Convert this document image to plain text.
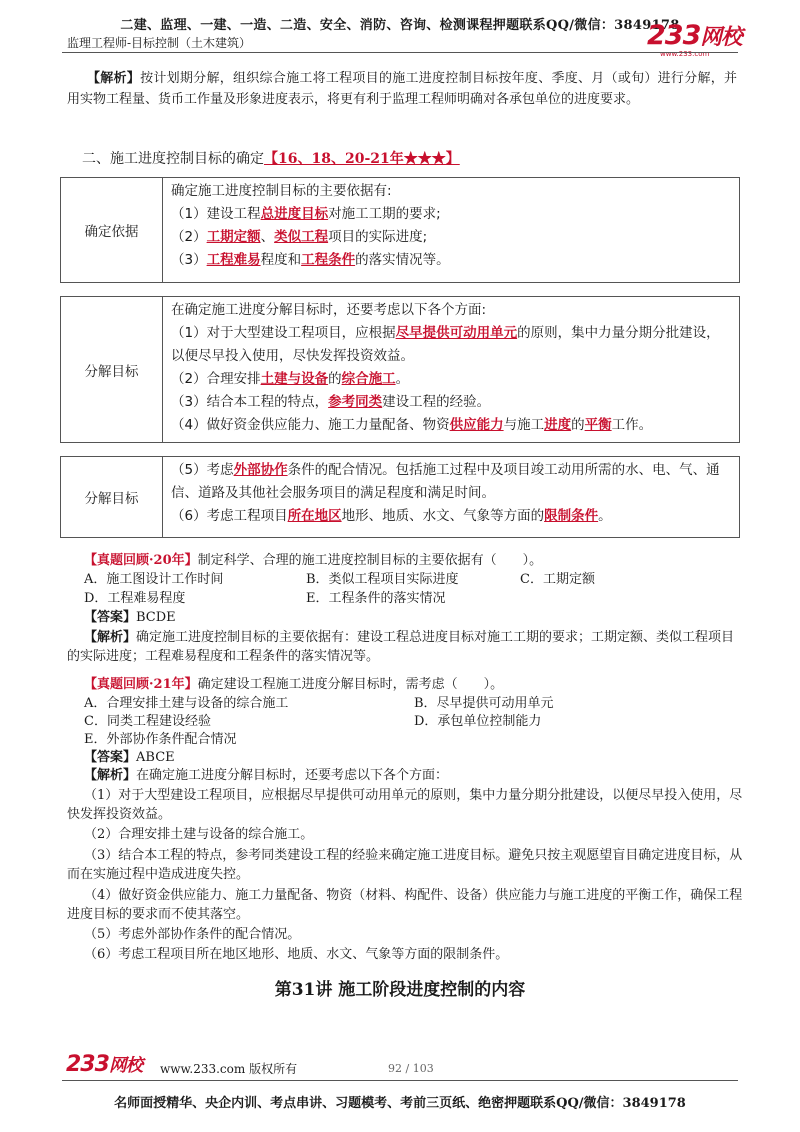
二建、监理、一建、一造、二造、安全、消防、咨询、检测课程押题联系QQ/微信：3849178
监理工程师-目标控制（土木建筑）	233网校
www.233.com
【解析】按计划期分解，组织综合施工将工程项目的施工进度控制目标按年度、季度、月（或旬）进行分解，并用实物工程量、货币工作量及形象进度表示，将更有利于监理工程师明确对各承包单位的进度要求。
二、施工进度控制目标的确定【16、18、20-21年★★★】
确定依据	
确定施工进度控制目标的主要依据有:
（1）建设工程总进度目标对施工工期的要求;
（2）工期定额、类似工程项目的实际进度;
（3）工程难易程度和工程条件的落实情况等。
分解目标	
在确定施工进度分解目标时，还要考虑以下各个方面:
（1）对于大型建设工程项目，应根据尽早提供可动用单元的原则，集中力量分期分批建设，以便尽早投入使用，尽快发挥投资效益。
（2）合理安排土建与设备的综合施工。
（3）结合本工程的特点，参考同类建设工程的经验。
（4）做好资金供应能力、施工力量配备、物资供应能力与施工进度的平衡工作。
分解目标	
（5）考虑外部协作条件的配合情况。包括施工过程中及项目竣工动用所需的水、电、气、通信、道路及其他社会服务项目的满足程度和满足时间。
（6）考虑工程项目所在地区地形、地质、水文、气象等方面的限制条件。
【真题回顾·20年】制定科学、合理的施工进度控制目标的主要依据有（　　）。
A．施工图设计工作时间	B．类似工程项目实际进度	C．工期定额
D．工程难易程度	E．工程条件的落实情况
【答案】BCDE
【解析】确定施工进度控制目标的主要依据有：建设工程总进度目标对施工工期的要求；工期定额、类似工程项目的实际进度；工程难易程度和工程条件的落实情况等。
【真题回顾·21年】确定建设工程施工进度分解目标时，需考虑（　　）。
A．合理安排土建与设备的综合施工	B．尽早提供可动用单元
C．同类工程建设经验	D．承包单位控制能力
E．外部协作条件配合情况
【答案】ABCE
【解析】在确定施工进度分解目标时，还要考虑以下各个方面：
（1）对于大型建设工程项目，应根据尽早提供可动用单元的原则，集中力量分期分批建设，以便尽早投入使用，尽快发挥投资效益。
（2）合理安排土建与设备的综合施工。
（3）结合本工程的特点，参考同类建设工程的经验来确定施工进度目标。避免只按主观愿望盲目确定进度目标，从而在实施过程中造成进度失控。
（4）做好资金供应能力、施工力量配备、物资（材料、构配件、设备）供应能力与施工进度的平衡工作，确保工程进度目标的要求而不使其落空。
（5）考虑外部协作条件的配合情况。
（6）考虑工程项目所在地区地形、地质、水文、气象等方面的限制条件。
第31讲 施工阶段进度控制的内容
233网校 www.233.com 版权所有	92 / 103
名师面授精华、央企内训、考点串讲、习题模考、考前三页纸、绝密押题联系QQ/微信：3849178
